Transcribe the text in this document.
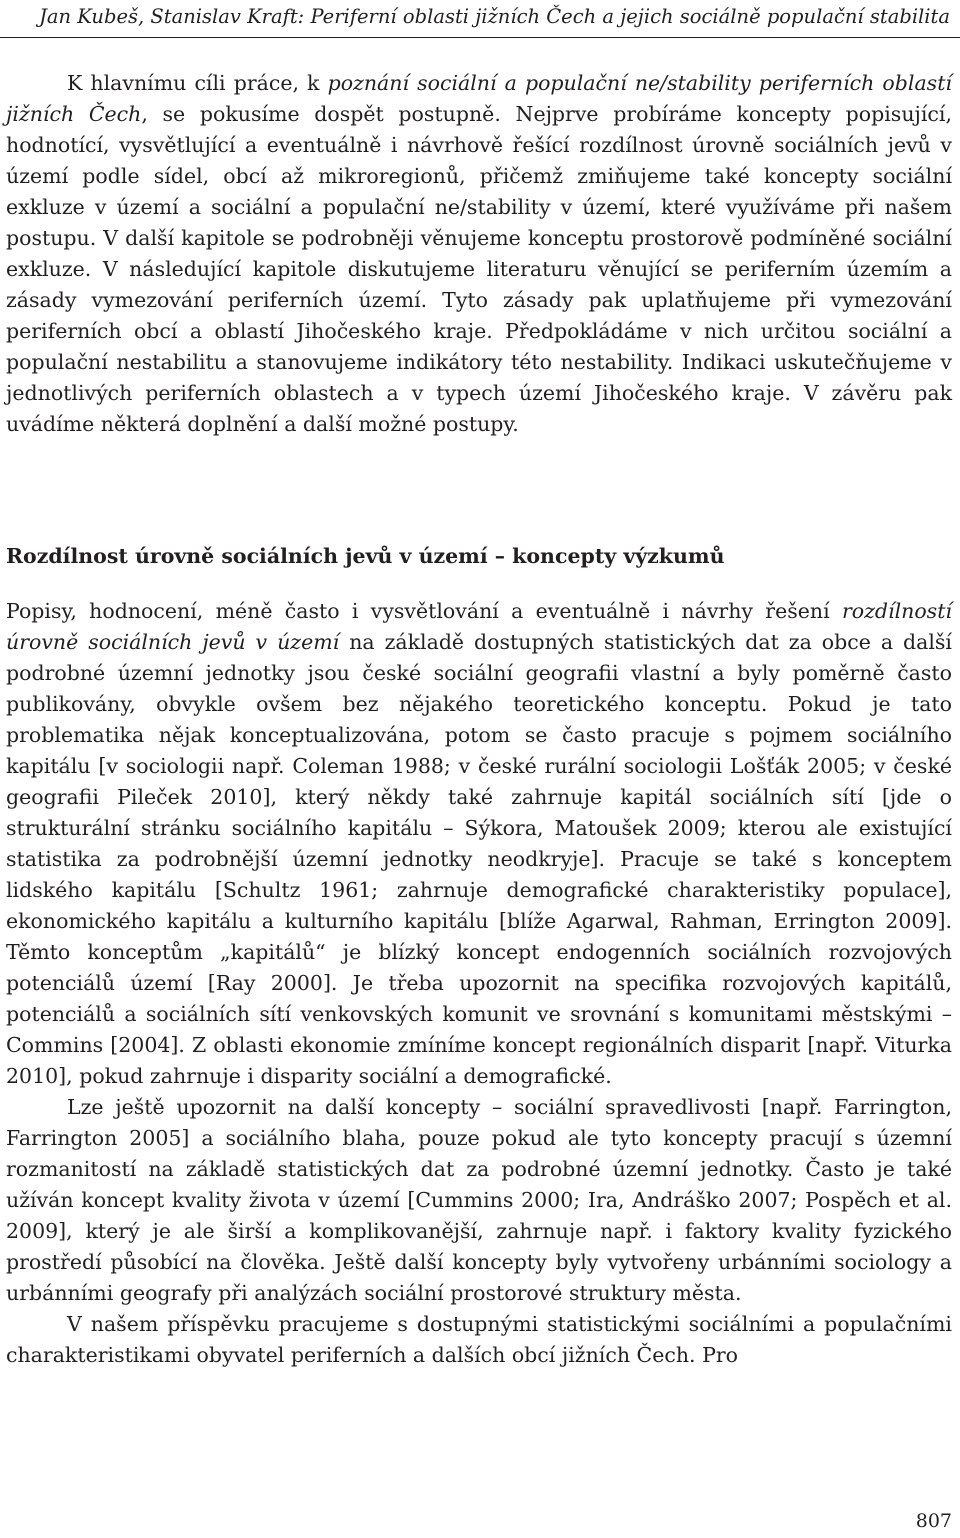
Jan Kubeš, Stanislav Kraft: Periferní oblasti jižních Čech a jejich sociálně populační stabilita

K hlavnímu cíli práce, k poznání sociální a populační ne/stability periferních oblastí jižních Čech, se pokusíme dospět postupně. Nejprve probíráme koncepty popisující, hodnotící, vysvětlující a eventuálně i návrhově řešící rozdílnost úrovně sociálních jevů v území podle sídel, obcí až mikroregionů, přičemž zmiňujeme také koncepty sociální exkluze v území a sociální a populační ne/stability v území, které využíváme při našem postupu. V další kapitole se podrobněji věnujeme konceptu prostorově podmíněné sociální exkluze. V následující kapitole diskutujeme literaturu věnující se periferním územím a zásady vymezování periferních území. Tyto zásady pak uplatňujeme při vymezování periferních obcí a oblastí Jihočeského kraje. Předpokládáme v nich určitou sociální a populační nestabilitu a stanovujeme indikátory této nestability. Indikaci uskutečňujeme v jednotlivých periferních oblastech a v typech území Jihočeského kraje. V závěru pak uvádíme některá doplnění a další možné postupy.

Rozdílnost úrovně sociálních jevů v území – koncepty výzkumů

Popisy, hodnocení, méně často i vysvětlování a eventuálně i návrhy řešení rozdílností úrovně sociálních jevů v území na základě dostupných statistických dat za obce a další podrobné územní jednotky jsou české sociální geografii vlastní a byly poměrně často publikovány, obvykle ovšem bez nějakého teoretického konceptu. Pokud je tato problematika nějak konceptualizována, potom se často pracuje s pojmem sociálního kapitálu [v sociologii např. Coleman 1988; v české rurální sociologii Lošťák 2005; v české geografii Pileček 2010], který někdy také zahrnuje kapitál sociálních sítí [jde o strukturální stránku sociálního kapitálu – Sýkora, Matoušek 2009; kterou ale existující statistika za podrobnější územní jednotky neodkryje]. Pracuje se také s konceptem lidského kapitálu [Schultz 1961; zahrnuje demografické charakteristiky populace], ekonomického kapitálu a kulturního kapitálu [blíže Agarwal, Rahman, Errington 2009]. Těmto konceptům „kapitálů“ je blízký koncept endogenních sociálních rozvojových potenciálů území [Ray 2000]. Je třeba upozornit na specifika rozvojových kapitálů, potenciálů a sociálních sítí venkovských komunit ve srovnání s komunitami městskými – Commins [2004]. Z oblasti ekonomie zmíníme koncept regionálních disparit [např. Viturka 2010], pokud zahrnuje i disparity sociální a demografické.

Lze ještě upozornit na další koncepty – sociální spravedlivosti [např. Farrington, Farrington 2005] a sociálního blaha, pouze pokud ale tyto koncepty pracují s územní rozmanitostí na základě statistických dat za podrobné územní jednotky. Často je také užíván koncept kvality života v území [Cummins 2000; Ira, Andráško 2007; Pospěch et al. 2009], který je ale širší a komplikovanější, zahrnuje např. i faktory kvality fyzického prostředí působící na člověka. Ještě další koncepty byly vytvořeny urbánními sociology a urbánními geografy při analýzách sociální prostorové struktury města.

V našem příspěvku pracujeme s dostupnými statistickými sociálními a populačními charakteristikami obyvatel periferních a dalších obcí jižních Čech. Pro

807
